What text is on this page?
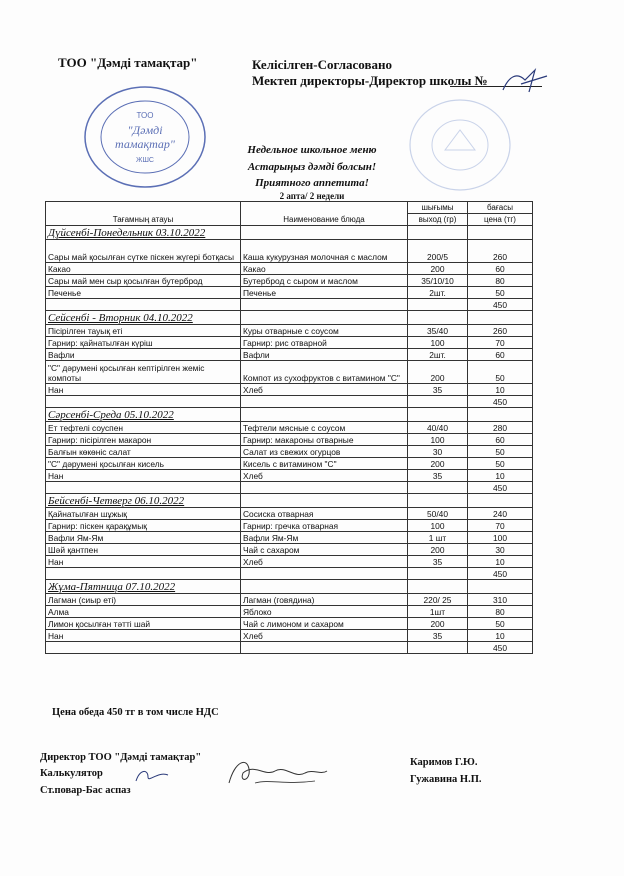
ТОО "Дәмді тамақтар"	Келісілген-Согласовано
Мектеп директоры-Директор школы №
ТОО
"Дәмді
тамақтар"
ЖШС
Недельное школьное меню
Астарыңыз дәмді болсын!
Приятного аппетита!
2 апта/ 2 недели
Тағамның атауы	Наименование блюда	шығымы	бағасы
		выход (гр)	цена (тг)
Дүйсенбі-Понедельник 03.10.2022			
Сары май қосылған сүтке піскен жүгері ботқасы	Каша кукурузная молочная с маслом	200/5	260
Какао	Какао	200	60
Сары май мен сыр қосылған бутерброд	Бутерброд с сыром и маслом	35/10/10	80
Печенье	Печенье	2шт.	50
			450
Сейсенбі - Вторник 04.10.2022			
Пісірілген тауық еті	Куры отварные с соусом	35/40	260
Гарнир: қайнатылған күріш	Гарнир: рис отварной	100	70
Вафли	Вафли	2шт.	60
"С" дәрумені қосылған кептірілген жеміс компоты	Компот из сухофруктов с витамином "С"	200	50
Нан	Хлеб	35	10
			450
Сәрсенбі-Среда 05.10.2022			
Ет тефтелі соуспен	Тефтели мясные с соусом	40/40	280
Гарнир: пісірілген макарон	Гарнир: макароны отварные	100	60
Балғын көкөніс салат	Салат из свежих огурцов	30	50
"С" дәрумені қосылған кисель	Кисель с витамином "С"	200	50
Нан	Хлеб	35	10
			450
Бейсенбі-Четверг 06.10.2022			
Қайнатылған шұжық	Сосиска отварная	50/40	240
Гарнир: піскен қарақұмық	Гарнир: гречка отварная	100	70
Вафли Ям-Ям	Вафли Ям-Ям	1 шт	100
Шәй қантпен	Чай с сахаром	200	30
Нан	Хлеб	35	10
			450
Жұма-Пятница 07.10.2022			
Лагман (сиыр еті)	Лагман (говядина)	220/ 25	310
Алма	Яблоко	1шт	80
Лимон қосылған тәтті шай	Чай с лимоном и сахаром	200	50
Нан	Хлеб	35	10
			450
Цена обеда 450 тг в том числе НДС
Директор ТОО "Дәмді тамақтар"
Калькулятор
Ст.повар-Бас аспаз
Каримов Г.Ю.
Гужавина Н.П.
